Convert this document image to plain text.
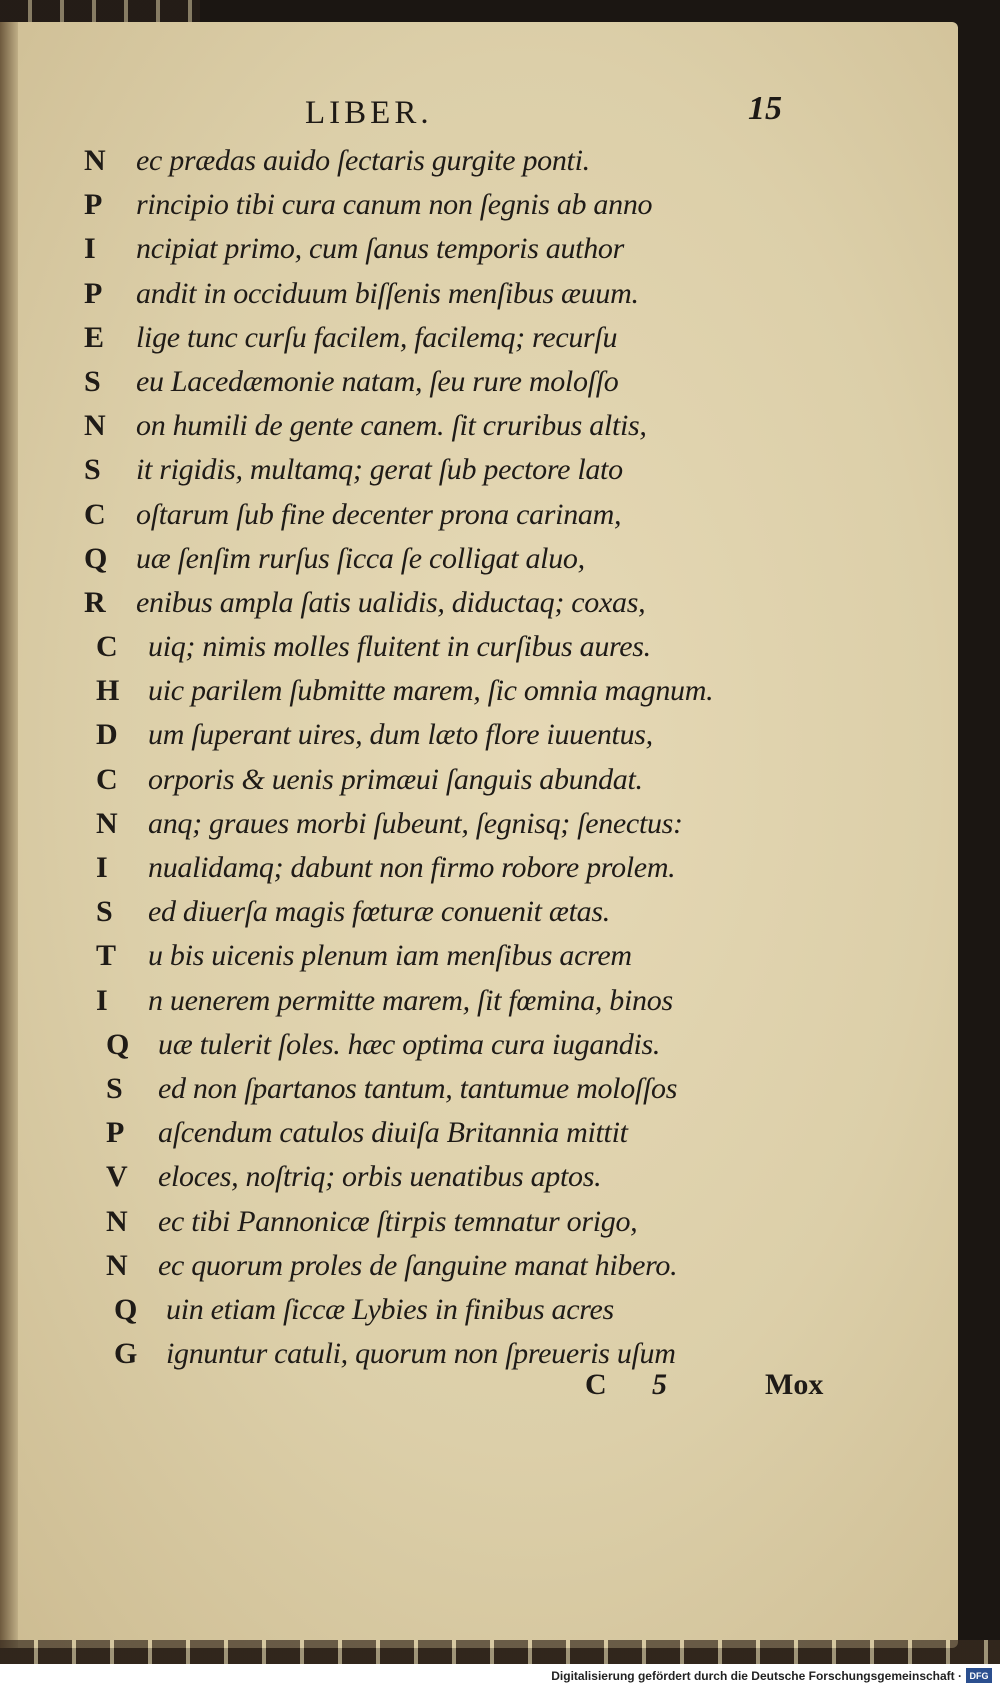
LIBER.	15
N	ec prædas auido ſectaris gurgite ponti.
P	rincipio tibi cura canum non ſegnis ab anno
I	ncipiat primo, cum ſanus temporis author
P	andit in occiduum biſſenis menſibus æuum.
E	lige tunc curſu facilem, facilemq; recurſu
S	eu Lacedæmonie natam, ſeu rure moloſſo
N	on humili de gente canem. ſit cruribus altis,
S	it rigidis, multamq; gerat ſub pectore lato
C	oſtarum ſub fine decenter prona carinam,
Q uæ ſenſim rurſus ſicca ſe colligat aluo,
R	enibus ampla ſatis ualidis, diductaq; coxas,
C	uiq; nimis molles fluitent in curſibus aures.
H uic parilem ſubmitte marem, ſic omnia magnum.
D	um ſuperant uires, dum læto flore iuuentus,
C	orporis & uenis primæui ſanguis abundat.
N	anq; graues morbi ſubeunt, ſegnisq; ſenectus:
I	nualidamq; dabunt non firmo robore prolem.
S	ed diuerſa magis fœturæ conuenit ætas.
T	u bis uicenis plenum iam menſibus acrem
I	n uenerem permitte marem, ſit fœmina, binos
Q uæ tulerit ſoles. hæc optima cura iugandis.
S	ed non ſpartanos tantum, tantumue moloſſos
P	aſcendum catulos diuiſa Britannia mittit
V	eloces, noſtriq; orbis uenatibus aptos.
N	ec tibi Pannonicæ ſtirpis temnatur origo,
N	ec quorum proles de ſanguine manat hibero.
Q uin etiam ſiccæ Lybies in finibus acres
G ignuntur catuli, quorum non ſpreueris uſum
C 5	Mox
Digitalisierung gefördert durch die Deutsche Forschungsgemeinschaft · DFG
